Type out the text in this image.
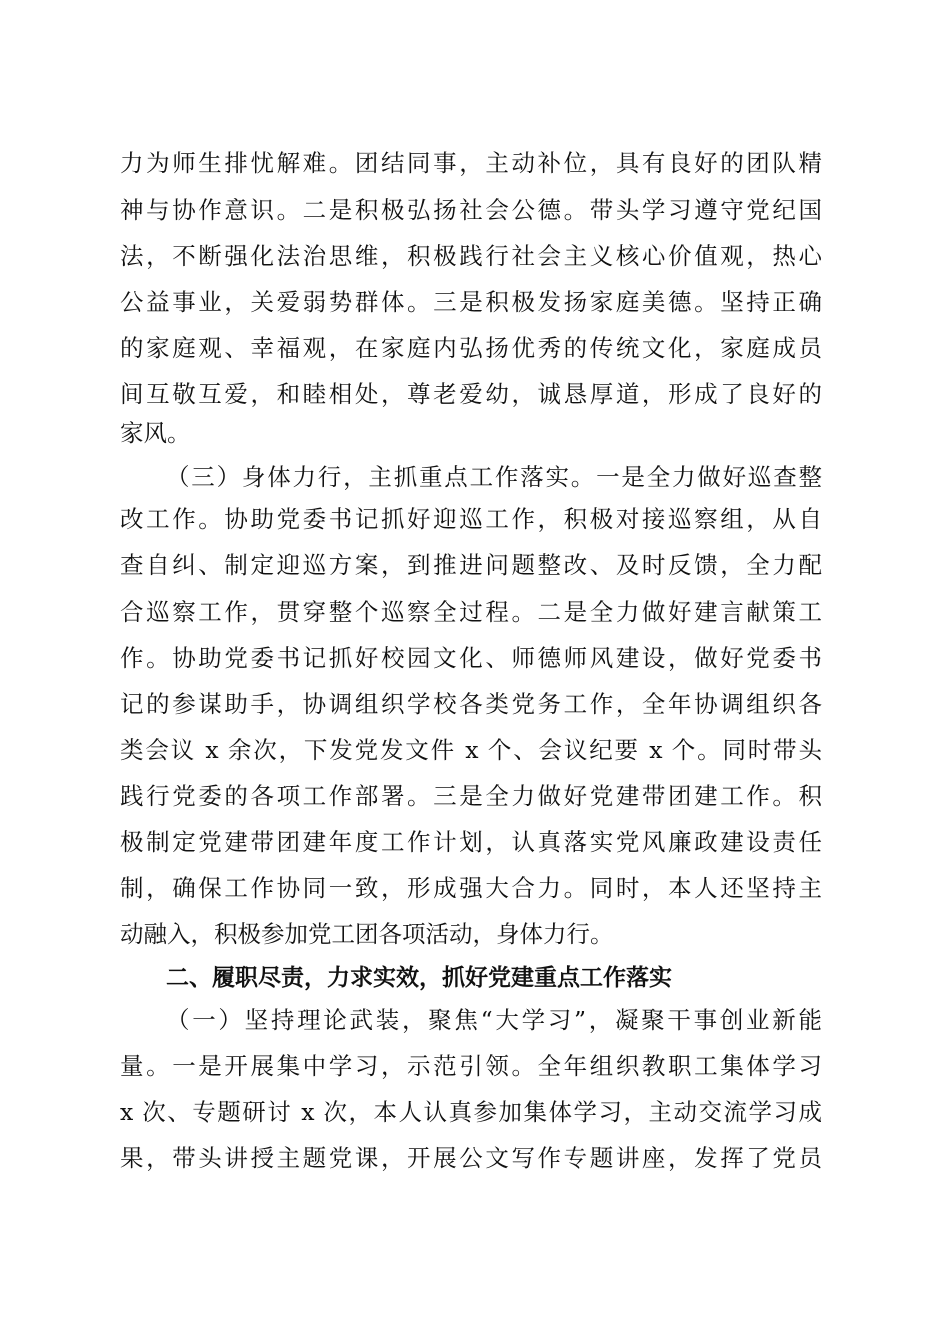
力为师生排忧解难。团结同事，主动补位，具有良好的团队精
神与协作意识。二是积极弘扬社会公德。带头学习遵守党纪国
法，不断强化法治思维，积极践行社会主义核心价值观，热心
公益事业，关爱弱势群体。三是积极发扬家庭美德。坚持正确
的家庭观、幸福观，在家庭内弘扬优秀的传统文化，家庭成员
间互敬互爱，和睦相处，尊老爱幼，诚恳厚道，形成了良好的
家风。
（三）身体力行，主抓重点工作落实。一是全力做好巡查整
改工作。协助党委书记抓好迎巡工作，积极对接巡察组，从自
查自纠、制定迎巡方案，到推进问题整改、及时反馈，全力配
合巡察工作，贯穿整个巡察全过程。二是全力做好建言献策工
作。协助党委书记抓好校园文化、师德师风建设，做好党委书
记的参谋助手，协调组织学校各类党务工作，全年协调组织各
类会议 x 余次，下发党发文件 x 个、会议纪要 x 个。同时带头
践行党委的各项工作部署。三是全力做好党建带团建工作。积
极制定党建带团建年度工作计划，认真落实党风廉政建设责任
制，确保工作协同一致，形成强大合力。同时，本人还坚持主
动融入，积极参加党工团各项活动，身体力行。
二、履职尽责，力求实效，抓好党建重点工作落实
（一）坚持理论武装，聚焦“大学习”，凝聚干事创业新能
量。一是开展集中学习，示范引领。全年组织教职工集体学习
x 次、专题研讨 x 次，本人认真参加集体学习，主动交流学习成
果，带头讲授主题党课，开展公文写作专题讲座，发挥了党员
